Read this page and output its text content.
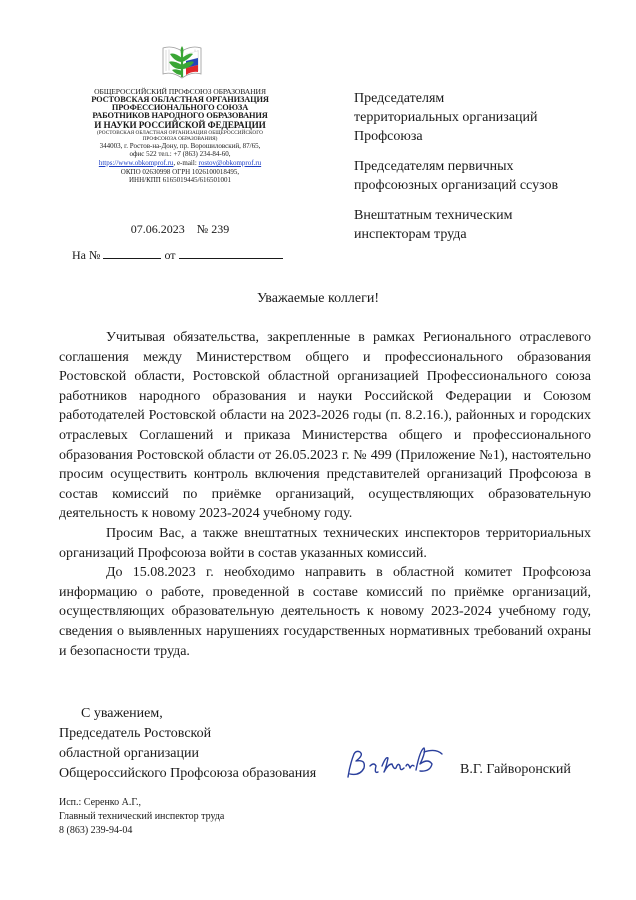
ОБЩЕРОССИЙСКИЙ ПРОФСОЮЗ ОБРАЗОВАНИЯ
РОСТОВСКАЯ ОБЛАСТНАЯ ОРГАНИЗАЦИЯ
ПРОФЕССИОНАЛЬНОГО СОЮЗА
РАБОТНИКОВ НАРОДНОГО ОБРАЗОВАНИЯ
И НАУКИ РОССИЙСКОЙ ФЕДЕРАЦИИ
(РОСТОВСКАЯ ОБЛАСТНАЯ ОРГАНИЗАЦИЯ ОБЩЕРОССИЙСКОГО
ПРОФСОЮЗА ОБРАЗОВАНИЯ)
344003, г. Ростов-на-Дону, пр. Ворошиловский, 87/65,
офис 522 тел.: +7 (863) 234-84-60,
https://www.obkomprof.ru, e-mail: rostov@obkomprof.ru
ОКПО 02630998 ОГРН 1026100018495,
ИНН/КПП 6165019445/616501001
07.06.2023 № 239
На №	от

Председателям
территориальных организаций
Профсоюза

Председателям первичных
профсоюзных организаций ссузов

Внештатным техническим
инспекторам труда

Уважаемые коллеги!

Учитывая обязательства, закрепленные в рамках Регионального отраслевого соглашения между Министерством общего и профессионального образования Ростовской области, Ростовской областной организацией Профессионального союза работников народного образования и науки Российской Федерации и Союзом работодателей Ростовской области на 2023-2026 годы (п. 8.2.16.), районных и городских отраслевых Соглашений и приказа Министерства общего и профессионального образования Ростовской области от 26.05.2023 г. № 499 (Приложение №1), настоятельно просим осуществить контроль включения представителей организаций Профсоюза в состав комиссий по приёмке организаций, осуществляющих образовательную деятельность к новому 2023-2024 учебному году.

Просим Вас, а также внештатных технических инспекторов территориальных организаций Профсоюза войти в состав указанных комиссий.

До 15.08.2023 г. необходимо направить в областной комитет Профсоюза информацию о работе, проведенной в составе комиссий по приёмке организаций, осуществляющих образовательную деятельность к новому 2023-2024 учебному году, сведения о выявленных нарушениях государственных нормативных требований охраны и безопасности труда.

С уважением,
Председатель Ростовской
областной организации
Общероссийского Профсоюза образования	В.Г. Гайворонский
Исп.: Серенко А.Г.,
Главный технический инспектор труда
8 (863) 239-94-04
